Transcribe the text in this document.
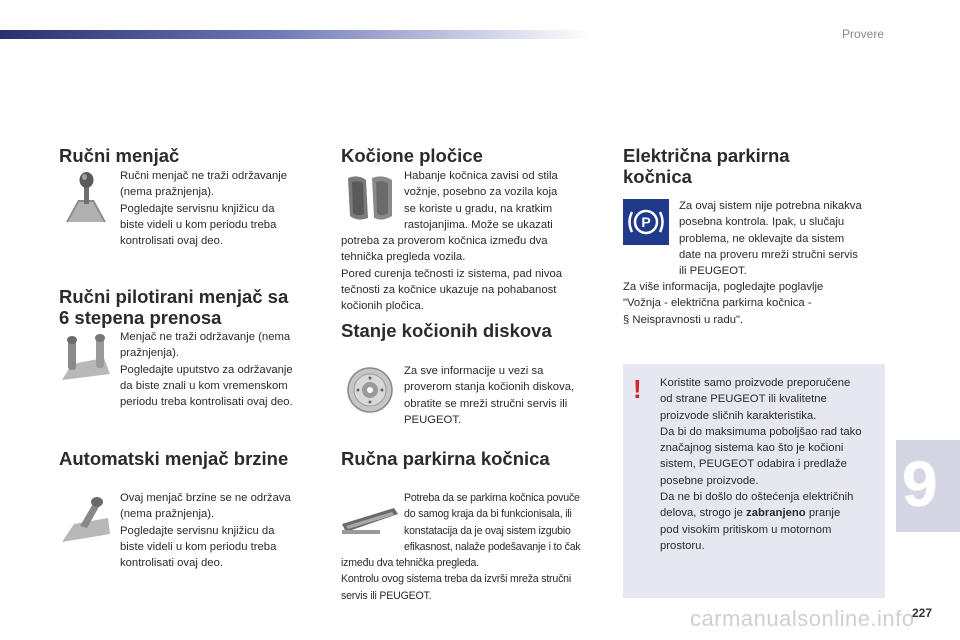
Provere
Ručni menjač
Ručni menjač ne traži održavanje
(nema pražnjenja).
Pogledajte servisnu knjižicu da
biste videli u kom periodu treba
kontrolisati ovaj deo.
Ručni pilotirani menjač sa
6 stepena prenosa
Menjač ne traži održavanje (nema
pražnjenja).
Pogledajte uputstvo za održavanje
da biste znali u kom vremenskom
periodu treba kontrolisati ovaj deo.
Automatski menjač brzine
Ovaj menjač brzine se ne održava
(nema pražnjenja).
Pogledajte servisnu knjižicu da
biste videli u kom periodu treba
kontrolisati ovaj deo.
Kočione pločice
Habanje kočnica zavisi od stila
vožnje, posebno za vozila koja
se koriste u gradu, na kratkim
rastojanjima. Može se ukazati
potreba za proverom kočnica između dva
tehnička pregleda vozila.
Pored curenja tečnosti iz sistema, pad nivoa
tečnosti za kočnice ukazuje na pohabanost
kočionih pločica.
Stanje kočionih diskova
Za sve informacije u vezi sa
proverom stanja kočionih diskova,
obratite se mreži stručni servis ili
PEUGEOT.
Ručna parkirna kočnica
Potreba da se parkirna kočnica povuče
do samog kraja da bi funkcionisala, ili
konstatacija da je ovaj sistem izgubio
efikasnost, nalaže podešavanje i to čak
između dva tehnička pregleda.
Kontrolu ovog sistema treba da izvrši mreža stručni
servis ili PEUGEOT.
Električna parkirna
kočnica
P
Za ovaj sistem nije potrebna nikakva
posebna kontrola. Ipak, u slučaju
problema, ne oklevajte da sistem
date na proveru mreži stručni servis
ili PEUGEOT.
Za više informacija, pogledajte poglavlje
"Vožnja - električna parkirna kočnica -
§ Neispravnosti u radu".
! Koristite samo proizvode preporučene
od strane PEUGEOT ili kvalitetne
proizvode sličnih karakteristika.
Da bi do maksimuma poboljšao rad tako
značajnog sistema kao što je kočioni
sistem, PEUGEOT odabira i predlaže
posebne proizvode.
Da ne bi došlo do oštećenja električnih
delova, strogo je zabranjeno pranje
pod visokim pritiskom u motornom
prostoru.
9
carmanualsonline.info
227
